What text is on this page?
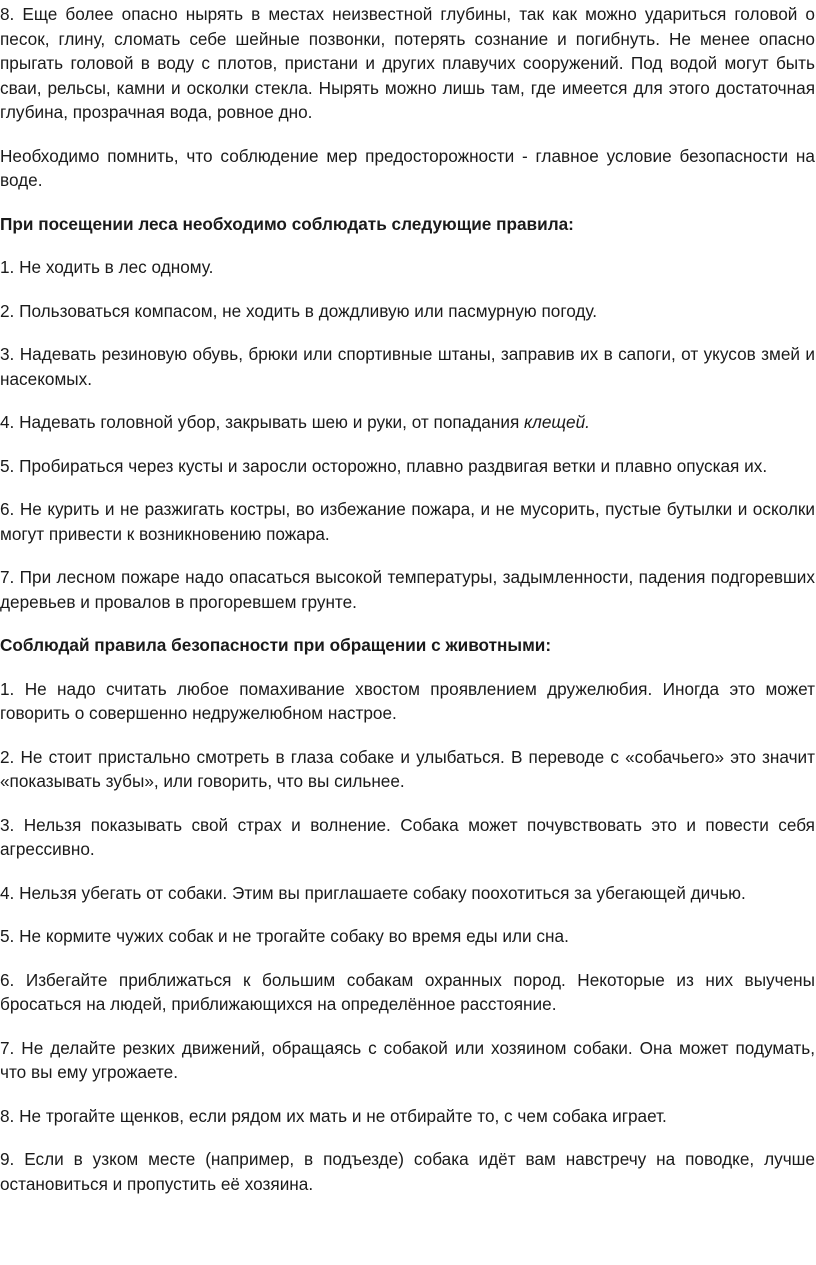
8. Еще более опасно нырять в местах неизвестной глубины, так как можно удариться головой о песок, глину, сломать себе шейные позвонки, потерять сознание и погибнуть. Не менее опасно прыгать головой в воду с плотов, пристани и других плавучих сооружений. Под водой могут быть сваи, рельсы, камни и осколки стекла. Нырять можно лишь там, где имеется для этого достаточная глубина, прозрачная вода, ровное дно.

Необходимо помнить, что соблюдение мер предосторожности - главное условие безопасности на воде.

При посещении леса необходимо соблюдать следующие правила:

1. Не ходить в лес одному.

2. Пользоваться компасом, не ходить в дождливую или пасмурную погоду.

3. Надевать резиновую обувь, брюки или спортивные штаны, заправив их в сапоги, от укусов змей и насекомых.

4. Надевать головной убор, закрывать шею и руки, от попадания клещей.

5. Пробираться через кусты и заросли осторожно, плавно раздвигая ветки и плавно опуская их.

6. Не курить и не разжигать костры, во избежание пожара, и не мусорить, пустые бутылки и осколки могут привести к возникновению пожара.

7. При лесном пожаре надо опасаться высокой температуры, задымленности, падения подгоревших деревьев и провалов в прогоревшем грунте.

Соблюдай правила безопасности при обращении с животными:

1. Не надо считать любое помахивание хвостом проявлением дружелюбия. Иногда это может говорить о совершенно недружелюбном настрое.

2. Не стоит пристально смотреть в глаза собаке и улыбаться. В переводе с «собачьего» это значит «показывать зубы», или говорить, что вы сильнее.

3. Нельзя показывать свой страх и волнение. Собака может почувствовать это и повести себя агрессивно.

4. Нельзя убегать от собаки. Этим вы приглашаете собаку поохотиться за убегающей дичью.

5. Не кормите чужих собак и не трогайте собаку во время еды или сна.

6. Избегайте приближаться к большим собакам охранных пород. Некоторые из них выучены бросаться на людей, приближающихся на определённое расстояние.

7. Не делайте резких движений, обращаясь с собакой или хозяином собаки. Она может подумать, что вы ему угрожаете.

8. Не трогайте щенков, если рядом их мать и не отбирайте то, с чем собака играет.

9. Если в узком месте (например, в подъезде) собака идёт вам навстречу на поводке, лучше остановиться и пропустить её хозяина.
